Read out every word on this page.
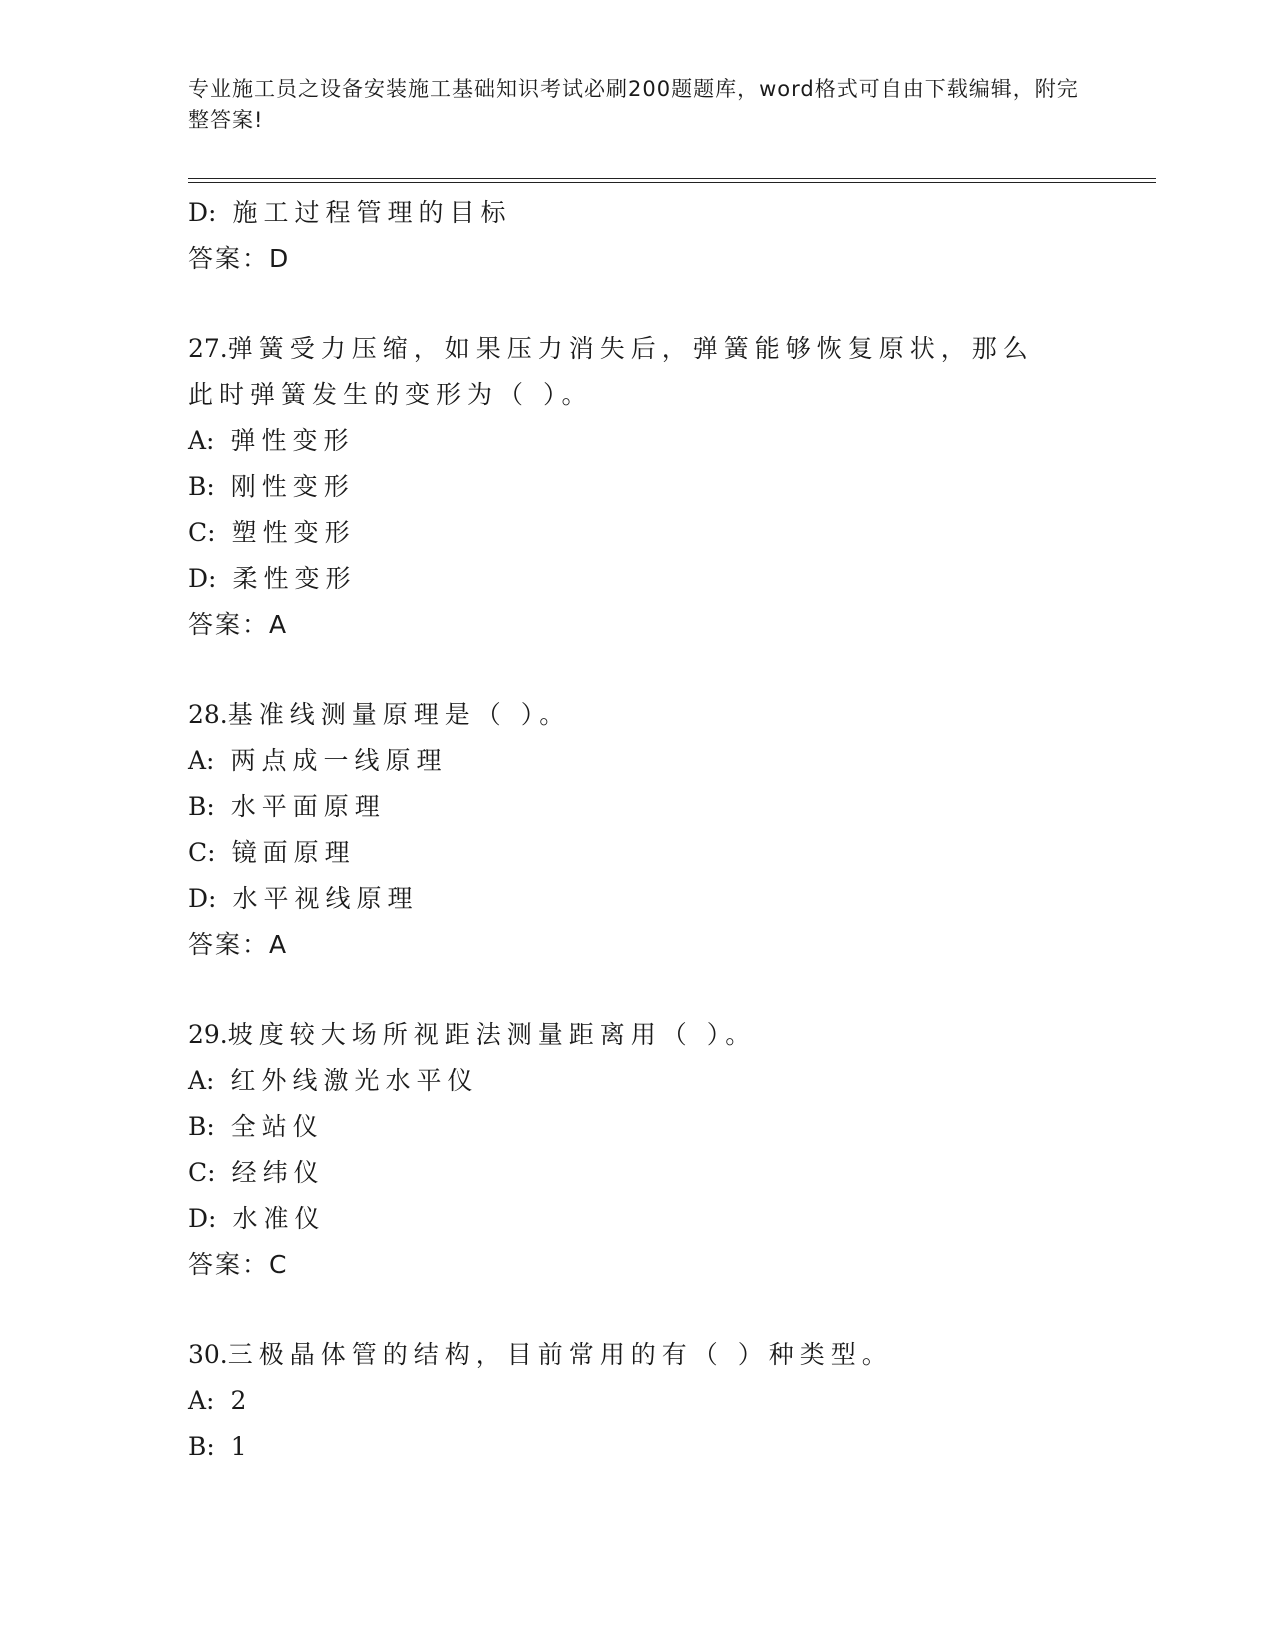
专业施工员之设备安装施工基础知识考试必刷200题题库，word格式可自由下载编辑，附完整答案!
D: 施工过程管理的目标
答案：D
27.弹簧受力压缩，如果压力消失后，弹簧能够恢复原状，那么此时弹簧发生的变形为（ ）。
A: 弹性变形
B: 刚性变形
C: 塑性变形
D: 柔性变形
答案：A
28.基准线测量原理是（ ）。
A: 两点成一线原理
B: 水平面原理
C: 镜面原理
D: 水平视线原理
答案：A
29.坡度较大场所视距法测量距离用（ ）。
A: 红外线激光水平仪
B: 全站仪
C: 经纬仪
D: 水准仪
答案：C
30.三极晶体管的结构，目前常用的有（ ）种类型。
A: 2
B: 1
